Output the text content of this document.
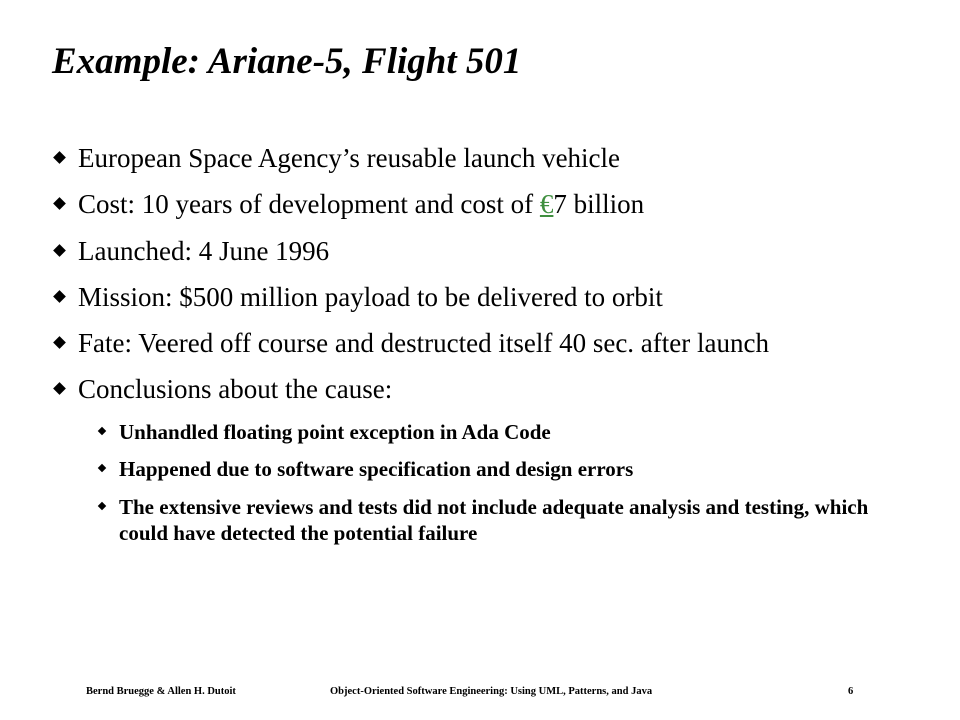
Example: Ariane-5, Flight 501
European Space Agency’s reusable launch vehicle
Cost: 10 years of development and cost of €7 billion
Launched: 4 June 1996
Mission: $500 million payload to be delivered to orbit
Fate: Veered off course and destructed itself 40 sec. after launch
Conclusions about the cause:
Unhandled floating point exception in Ada Code
Happened due to software specification and design errors
The extensive reviews and tests did not include adequate analysis and testing, which could have detected the potential failure
Bernd Bruegge & Allen H. Dutoit	Object-Oriented Software Engineering: Using UML, Patterns, and Java	6
